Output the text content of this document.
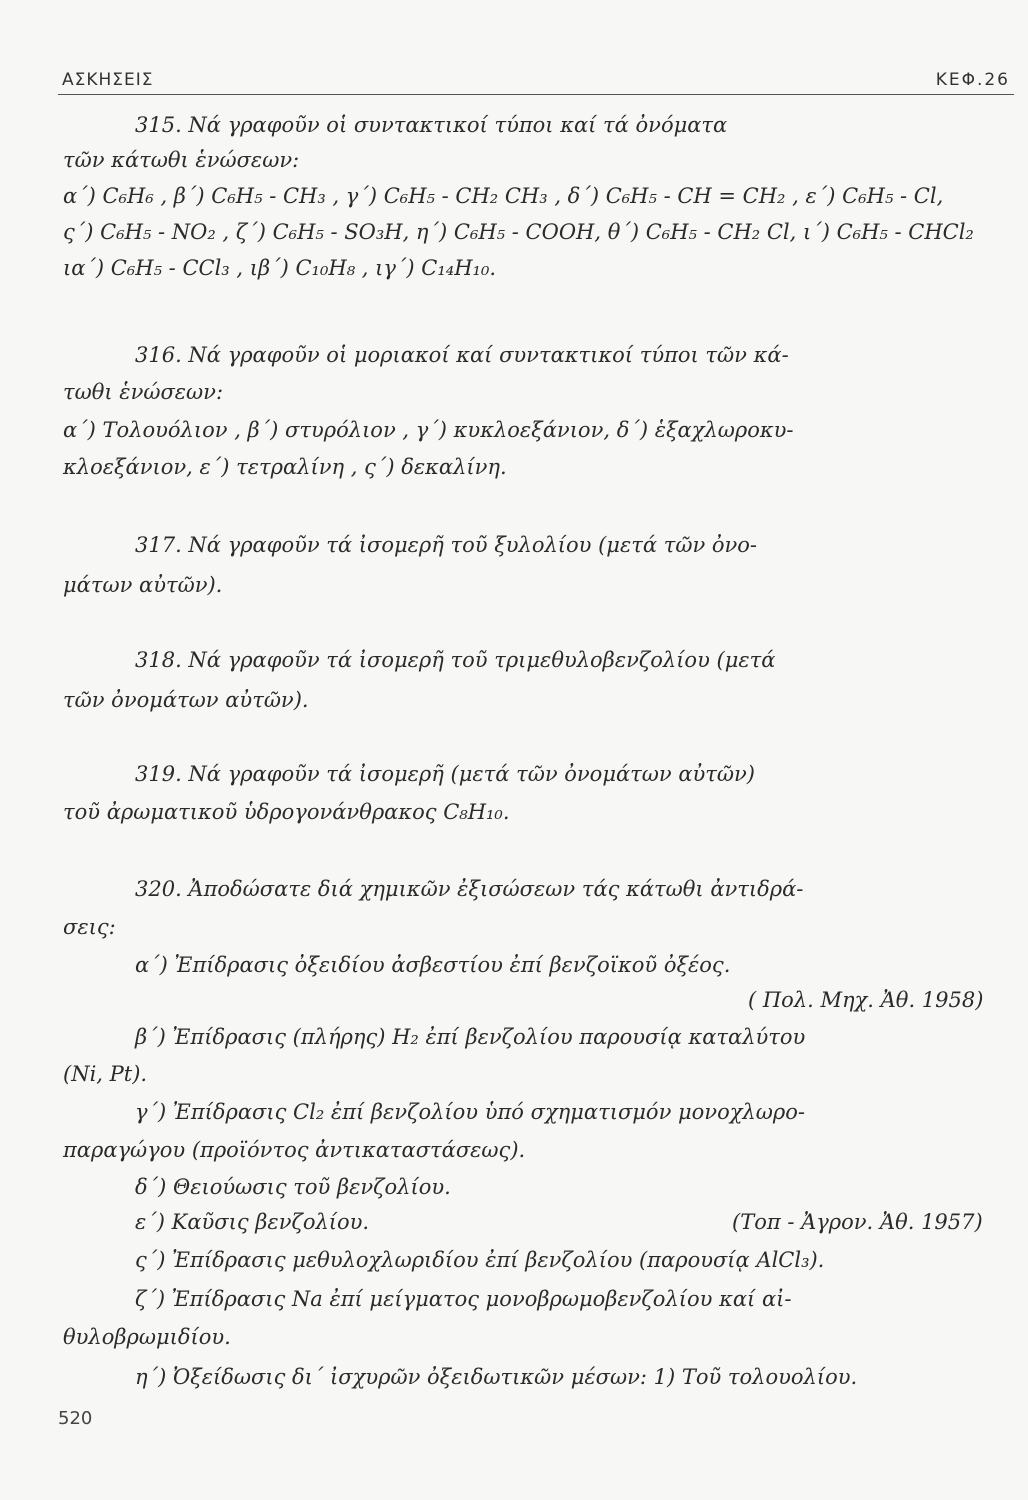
ΑΣΚΗΣΕΙΣ	ΚΕΦ.26
315. Νά γραφοῦν οἱ συντακτικοί τύποι καί τά ὀνόματα
τῶν κάτωθι ἑνώσεων:
α΄) C₆H₆ , β΄) C₆H₅ - CH₃ , γ΄) C₆H₅ - CH₂ CH₃ , δ΄) C₆H₅ - CH = CH₂ , ε΄) C₆H₅ - Cl,
ς΄) C₆H₅ - NO₂ , ζ΄) C₆H₅ - SO₃H, η΄) C₆H₅ - COOH, θ΄) C₆H₅ - CH₂ Cl, ι΄) C₆H₅ - CHCl₂
ια΄) C₆H₅ - CCl₃ , ιβ΄) C₁₀H₈ , ιγ΄) C₁₄H₁₀.
316. Νά γραφοῦν οἱ μοριακοί καί συντακτικοί τύποι τῶν κά-
τωθι ἑνώσεων:
α΄) Τολουόλιον , β΄) στυρόλιον , γ΄) κυκλοεξάνιον, δ΄) ἑξαχλωροκυ-
κλοεξάνιον, ε΄) τετραλίνη , ς΄) δεκαλίνη.
317. Νά γραφοῦν τά ἰσομερῆ τοῦ ξυλολίου (μετά τῶν ὀνο-
μάτων αὐτῶν).
318. Νά γραφοῦν τά ἰσομερῆ τοῦ τριμεθυλοβενζολίου (μετά
τῶν ὀνομάτων αὐτῶν).
319. Νά γραφοῦν τά ἰσομερῆ (μετά τῶν ὀνομάτων αὐτῶν)
τοῦ ἀρωματικοῦ ὑδρογονάνθρακος C₈H₁₀.
320. Ἀποδώσατε διά χημικῶν ἐξισώσεων τάς κάτωθι ἀντιδρά-
σεις:
α΄) Ἐπίδρασις ὀξειδίου ἀσβεστίου ἐπί βενζοϊκοῦ ὀξέος.
( Πολ. Μηχ. Ἀθ. 1958)
β΄) Ἐπίδρασις (πλήρης) H₂ ἐπί βενζολίου παρουσίᾳ καταλύτου
(Ni, Pt).
γ΄) Ἐπίδρασις Cl₂ ἐπί βενζολίου ὑπό σχηματισμόν μονοχλωρο-
παραγώγου (προϊόντος ἀντικαταστάσεως).
δ΄) Θειούωσις τοῦ βενζολίου.
ε΄) Καῦσις βενζολίου.	(Τοπ - Ἀγρον. Ἀθ. 1957)
ς΄) Ἐπίδρασις μεθυλοχλωριδίου ἐπί βενζολίου (παρουσίᾳ AlCl₃).
ζ΄) Ἐπίδρασις Na ἐπί μείγματος μονοβρωμοβενζολίου καί αἰ-
θυλοβρωμιδίου.
η΄) Ὀξείδωσις δι΄ ἰσχυρῶν ὀξειδωτικῶν μέσων: 1) Τοῦ τολουολίου.
520
